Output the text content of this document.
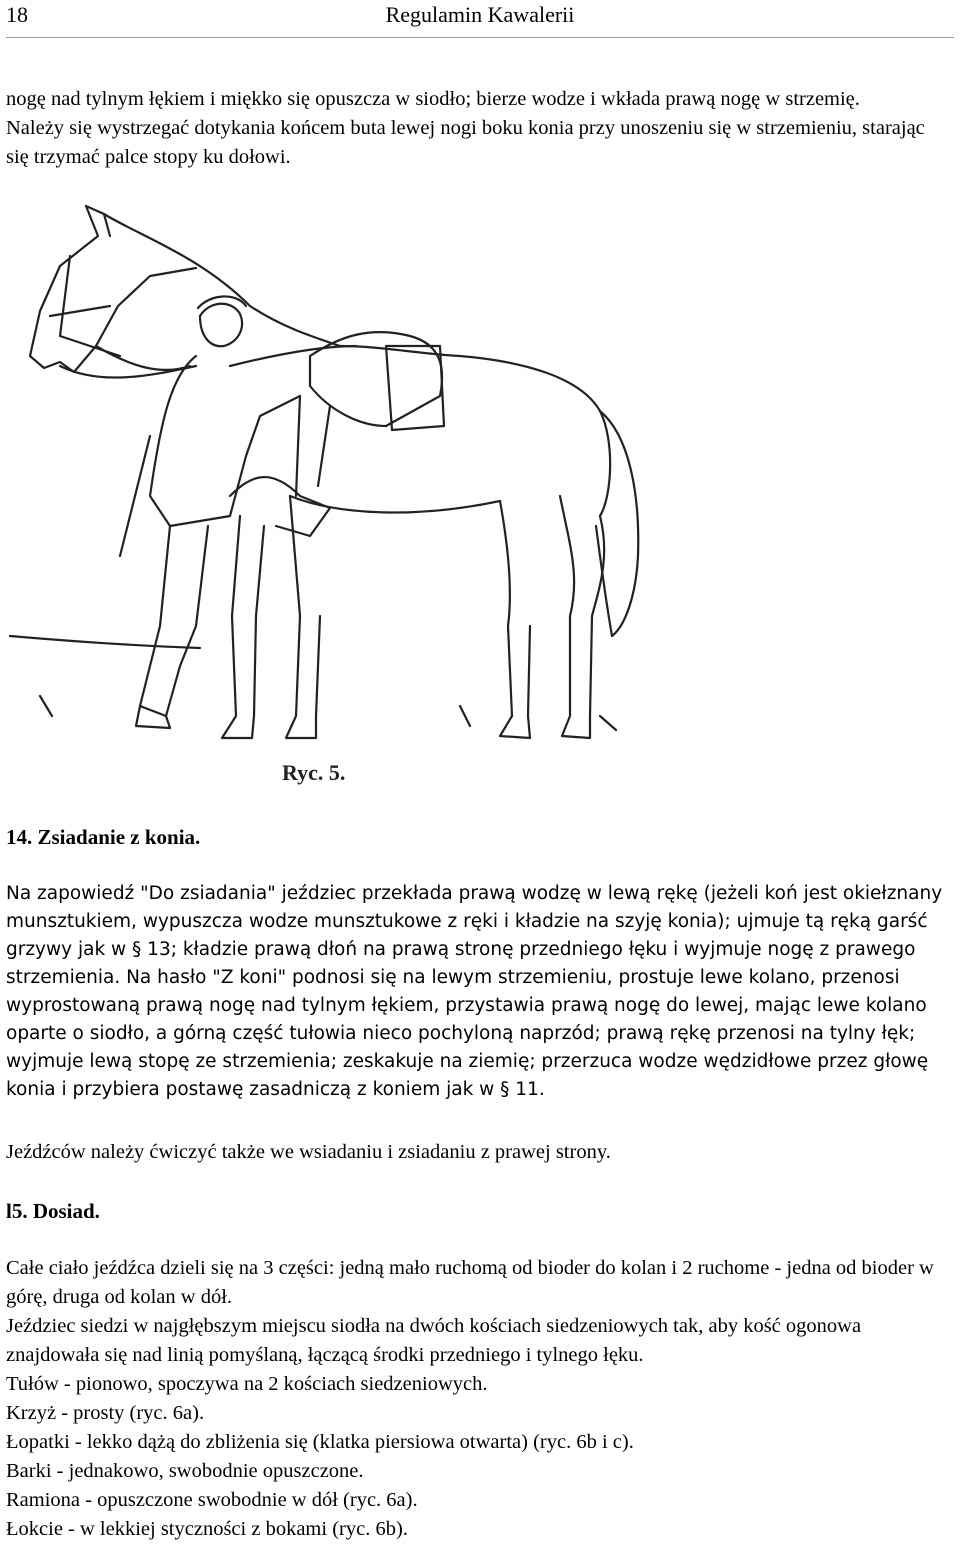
18	Regulamin Kawalerii

nogę nad tylnym łękiem i miękko się opuszcza w siodło; bierze wodze i wkłada prawą nogę w strzemię.

Należy się wystrzegać dotykania końcem buta lewej nogi boku konia przy unoszeniu się w strzemieniu, starając się trzymać palce stopy ku dołowi.

Ryc. 5.
14. Zsiadanie z konia.

Na zapowiedź "Do zsiadania" jeździec przekłada prawą wodzę w lewą rękę (jeżeli koń jest okiełznany munsztukiem, wypuszcza wodze munsztukowe z ręki i kładzie na szyję konia); ujmuje tą ręką garść grzywy jak w § 13; kładzie prawą dłoń na prawą stronę przedniego łęku i wyjmuje nogę z prawego strzemienia. Na hasło "Z koni" podnosi się na lewym strzemieniu, prostuje lewe kolano, przenosi wyprostowaną prawą nogę nad tylnym łękiem, przystawia prawą nogę do lewej, mając lewe kolano oparte o siodło, a górną część tułowia nieco pochyloną naprzód; prawą rękę przenosi na tylny łęk; wyjmuje lewą stopę ze strzemienia; zeskakuje na ziemię; przerzuca wodze wędzidłowe przez głowę konia i przybiera postawę zasadniczą z koniem jak w § 11.

Jeźdźców należy ćwiczyć także we wsiadaniu i zsiadaniu z prawej strony.

l5. Dosiad.

Całe ciało jeźdźca dzieli się na 3 części: jedną mało ruchomą od bioder do kolan i 2 ruchome - jedna od bioder w górę, druga od kolan w dół.

Jeździec siedzi w najgłębszym miejscu siodła na dwóch kościach siedzeniowych tak, aby kość ogonowa znajdowała się nad linią pomyślaną, łączącą środki przedniego i tylnego łęku.

Tułów - pionowo, spoczywa na 2 kościach siedzeniowych.

Krzyż - prosty (ryc. 6a).

Łopatki - lekko dążą do zbliżenia się (klatka piersiowa otwarta) (ryc. 6b i c).

Barki - jednakowo, swobodnie opuszczone.

Ramiona - opuszczone swobodnie w dół (ryc. 6a).

Łokcie - w lekkiej styczności z bokami (ryc. 6b).
